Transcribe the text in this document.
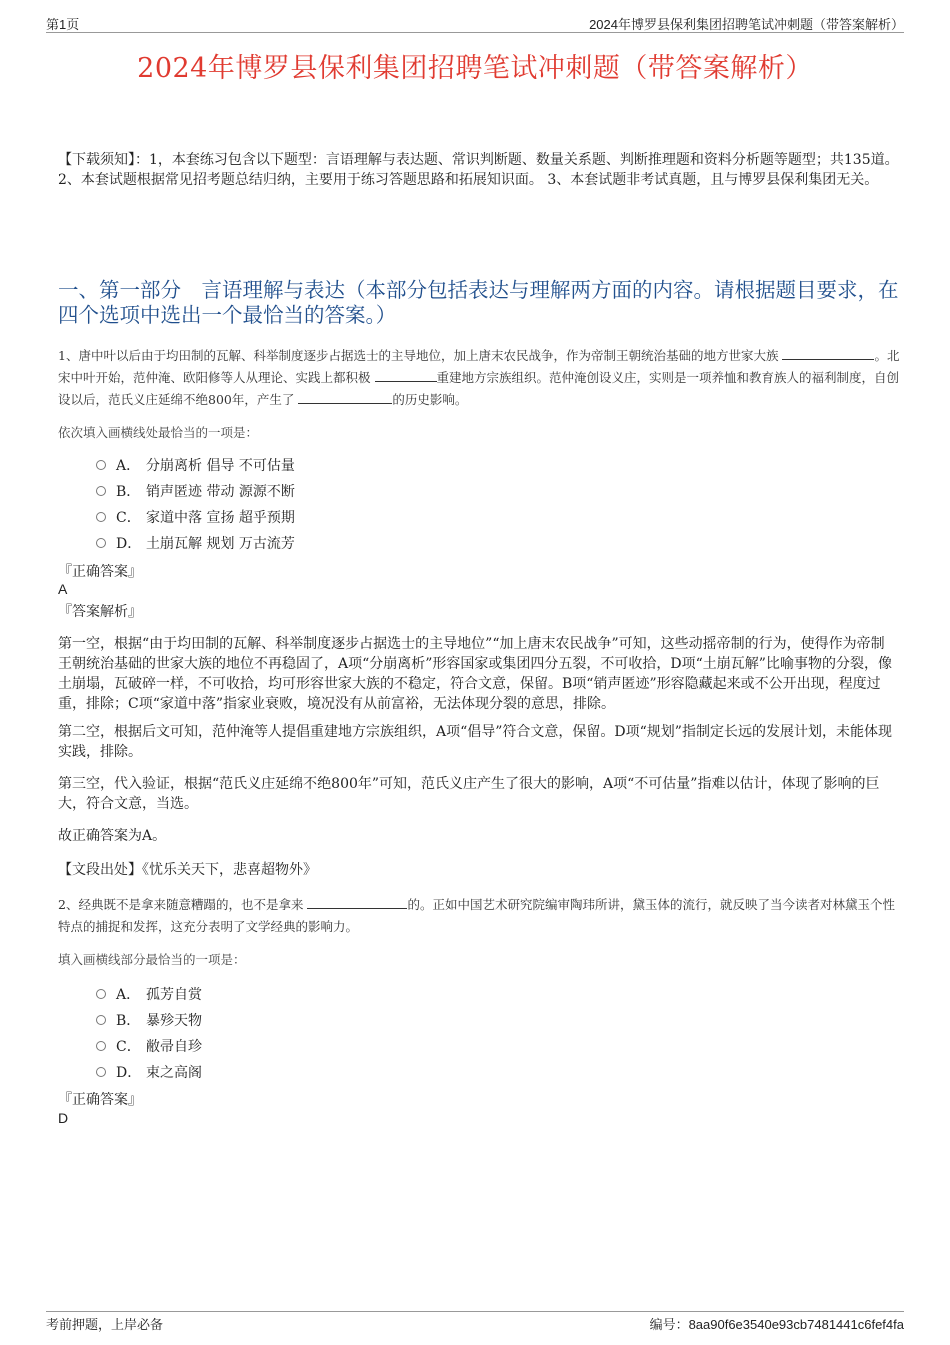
第1页	2024年博罗县保利集团招聘笔试冲刺题（带答案解析）
2024年博罗县保利集团招聘笔试冲刺题（带答案解析）
【下载须知】：1，本套练习包含以下题型：言语理解与表达题、常识判断题、数量关系题、判断推理题和资料分析题等题型；共135道。 2、本套试题根据常见招考题总结归纳，主要用于练习答题思路和拓展知识面。 3、本套试题非考试真题，且与博罗县保利集团无关。
一、第一部分　言语理解与表达（本部分包括表达与理解两方面的内容。请根据题目要求，在四个选项中选出一个最恰当的答案。）
1、唐中叶以后由于均田制的瓦解、科举制度逐步占据选士的主导地位，加上唐末农民战争，作为帝制王朝统治基础的地方世家大族	。北宋中叶开始，范仲淹、欧阳修等人从理论、实践上都积极	重建地方宗族组织。范仲淹创设义庄，实则是一项养恤和教育族人的福利制度，自创设以后，范氏义庄延绵不绝800年，产生了	的历史影响。
依次填入画横线处最恰当的一项是：
A． 分崩离析 倡导 不可估量
B． 销声匿迹 带动 源源不断
C． 家道中落 宣扬 超乎预期
D． 土崩瓦解 规划 万古流芳
『正确答案』
A
『答案解析』
第一空，根据“由于均田制的瓦解、科举制度逐步占据选士的主导地位”“加上唐末农民战争”可知，这些动摇帝制的行为，使得作为帝制王朝统治基础的世家大族的地位不再稳固了，A项“分崩离析”形容国家或集团四分五裂，不可收拾，D项“土崩瓦解”比喻事物的分裂，像土崩塌，瓦破碎一样，不可收拾，均可形容世家大族的不稳定，符合文意，保留。B项“销声匿迹”形容隐藏起来或不公开出现，程度过重，排除；C项“家道中落”指家业衰败，境况没有从前富裕，无法体现分裂的意思，排除。
第二空，根据后文可知，范仲淹等人提倡重建地方宗族组织，A项“倡导”符合文意，保留。D项“规划”指制定长远的发展计划，未能体现实践，排除。
第三空，代入验证，根据“范氏义庄延绵不绝800年”可知，范氏义庄产生了很大的影响，A项“不可估量”指难以估计，体现了影响的巨大，符合文意，当选。
故正确答案为A。
【文段出处】《忧乐关天下，悲喜超物外》
2、经典既不是拿来随意糟蹋的，也不是拿来	的。正如中国艺术研究院编审陶玮所讲，黛玉体的流行，就反映了当今读者对林黛玉个性特点的捕捉和发挥，这充分表明了文学经典的影响力。
填入画横线部分最恰当的一项是：
A． 孤芳自赏
B． 暴殄天物
C． 敝帚自珍
D． 束之高阁
『正确答案』
D
考前押题，上岸必备	编号：8aa90f6e3540e93cb7481441c6fef4fa
